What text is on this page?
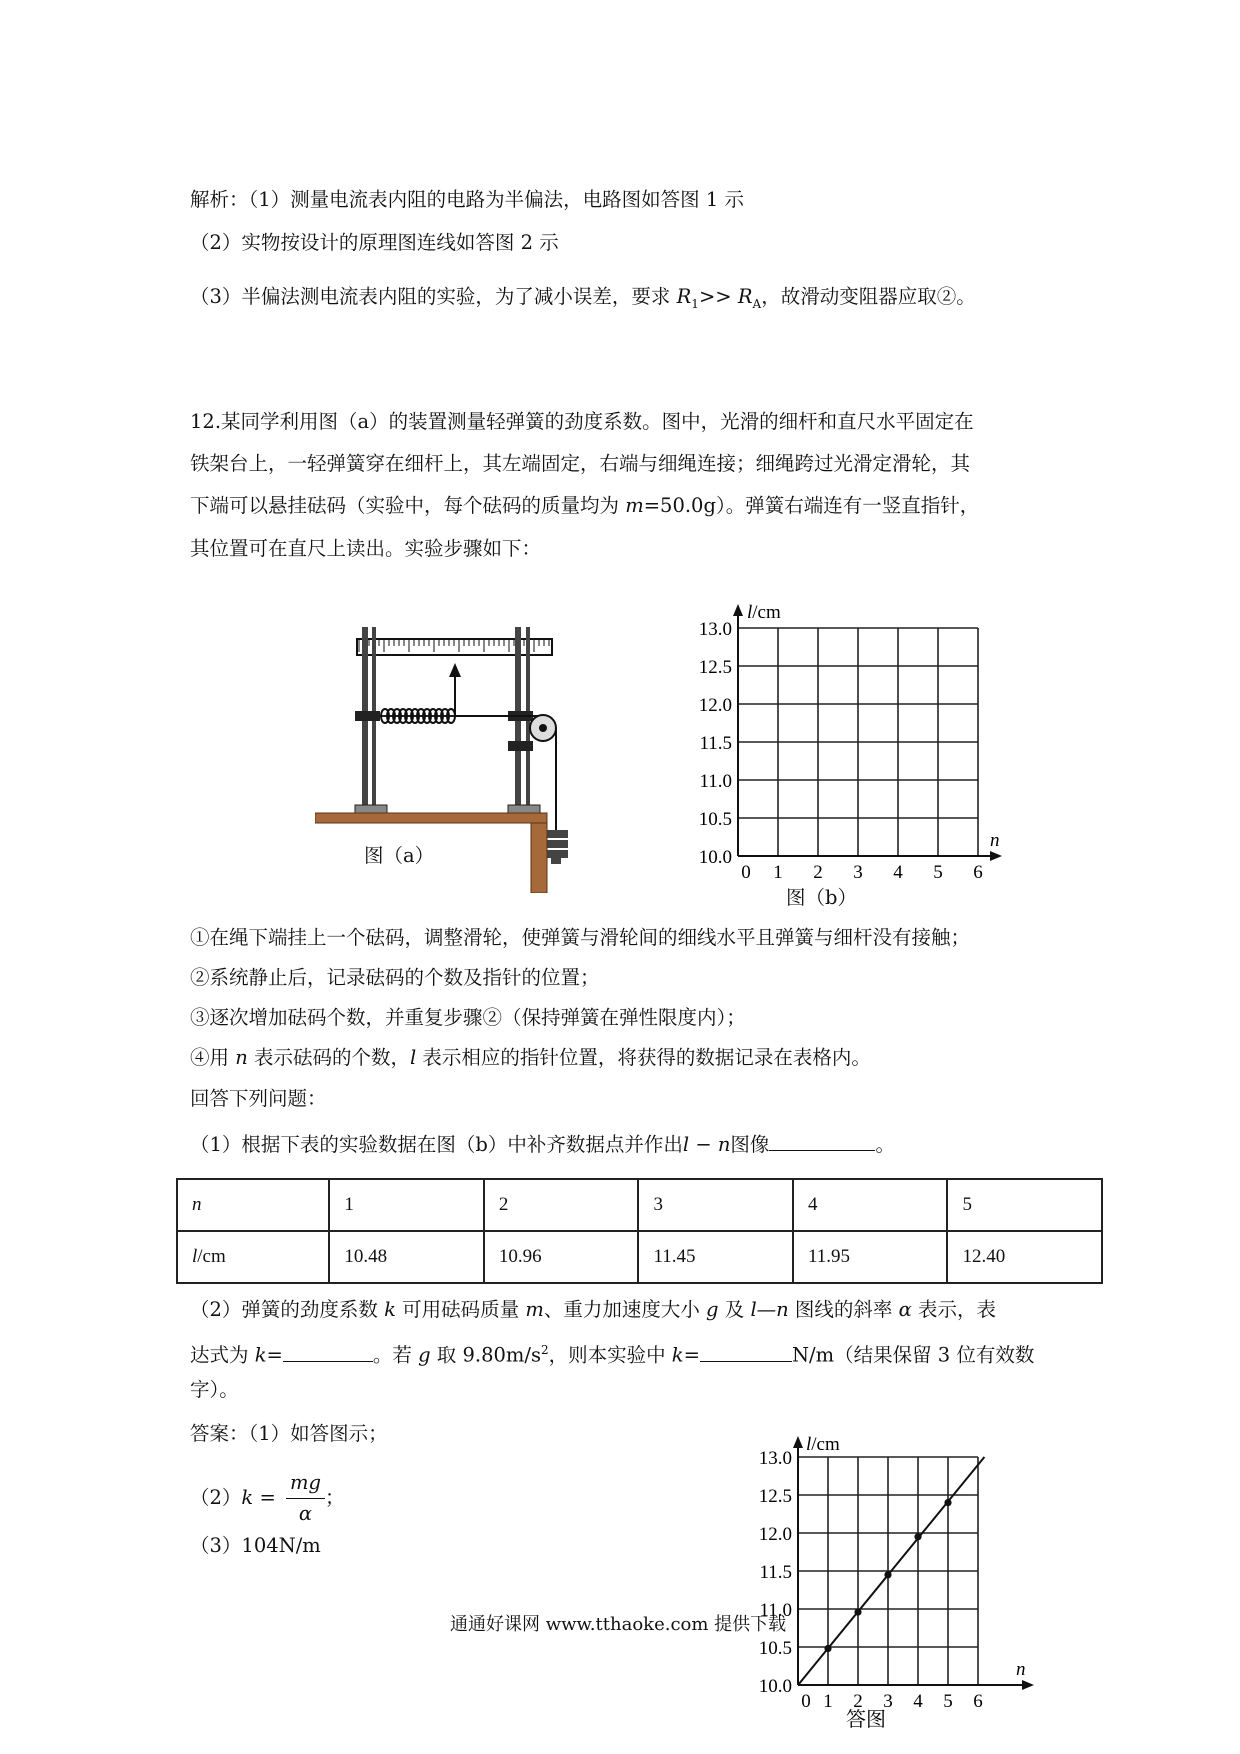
解析：（1）测量电流表内阻的电路为半偏法，电路图如答图 1 示
（2）实物按设计的原理图连线如答图 2 示
（3）半偏法测电流表内阻的实验，为了减小误差，要求 $R_1>> R_A$，故滑动变阻器应取②。
12.某同学利用图（a）的装置测量轻弹簧的劲度系数。图中，光滑的细杆和直尺水平固定在
铁架台上，一轻弹簧穿在细杆上，其左端固定，右端与细绳连接；细绳跨过光滑定滑轮，其
下端可以悬挂砝码（实验中，每个砝码的质量均为 m=50.0g）。弹簧右端连有一竖直指针，
其位置可在直尺上读出。实验步骤如下：
图（a）
l/cm
n
13.0
12.5
12.0
11.5
11.0
10.5
10.0
0 1 2 3 4 5 6
图（b）
①在绳下端挂上一个砝码，调整滑轮，使弹簧与滑轮间的细线水平且弹簧与细杆没有接触；
②系统静止后，记录砝码的个数及指针的位置；
③逐次增加砝码个数，并重复步骤②（保持弹簧在弹性限度内）；
④用 n 表示砝码的个数，l 表示相应的指针位置，将获得的数据记录在表格内。
回答下列问题：
（1）根据下表的实验数据在图（b）中补齐数据点并作出l − n图像	。
n	1	2	3	4	5
l/cm	10.48	10.96	11.45	11.95	12.40
（2）弹簧的劲度系数 k 可用砝码质量 m、重力加速度大小 g 及 l—n 图线的斜率 α 表示，表
达式为 k=	。若 g 取 $9.80m/s^2$，则本实验中 k=	N/m（结果保留 3 位有效数
字）。
答案：（1）如答图示；
$(2)k = \frac{mg}{\alpha}$ ；
（3）104N/m
l/cm
n
13.0
12.5
12.0
11.5
11.0
10.5
10.0
0 1 2 3 4 5 6
答图
通通好课网 www.tthaoke.com 提供下载
